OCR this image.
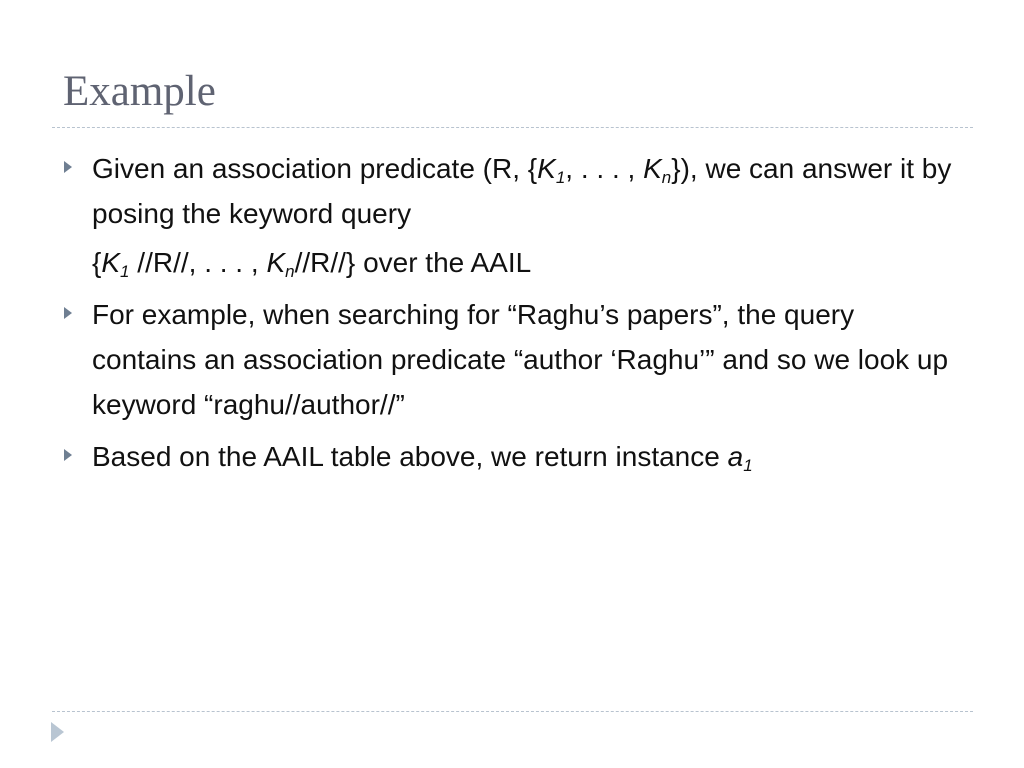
Example
Given an association predicate (R, {$K_1$, . . . , $K_n$}), we can answer it by posing the keyword query
{$K_1$ //R//, . . . , $K_n//R//$} over the AAIL
For example, when searching for “Raghu’s papers”, the query contains an association predicate “author ‘Raghu’” and so we look up keyword “raghu//author//”
Based on the AAIL table above, we return instance $a_1$
